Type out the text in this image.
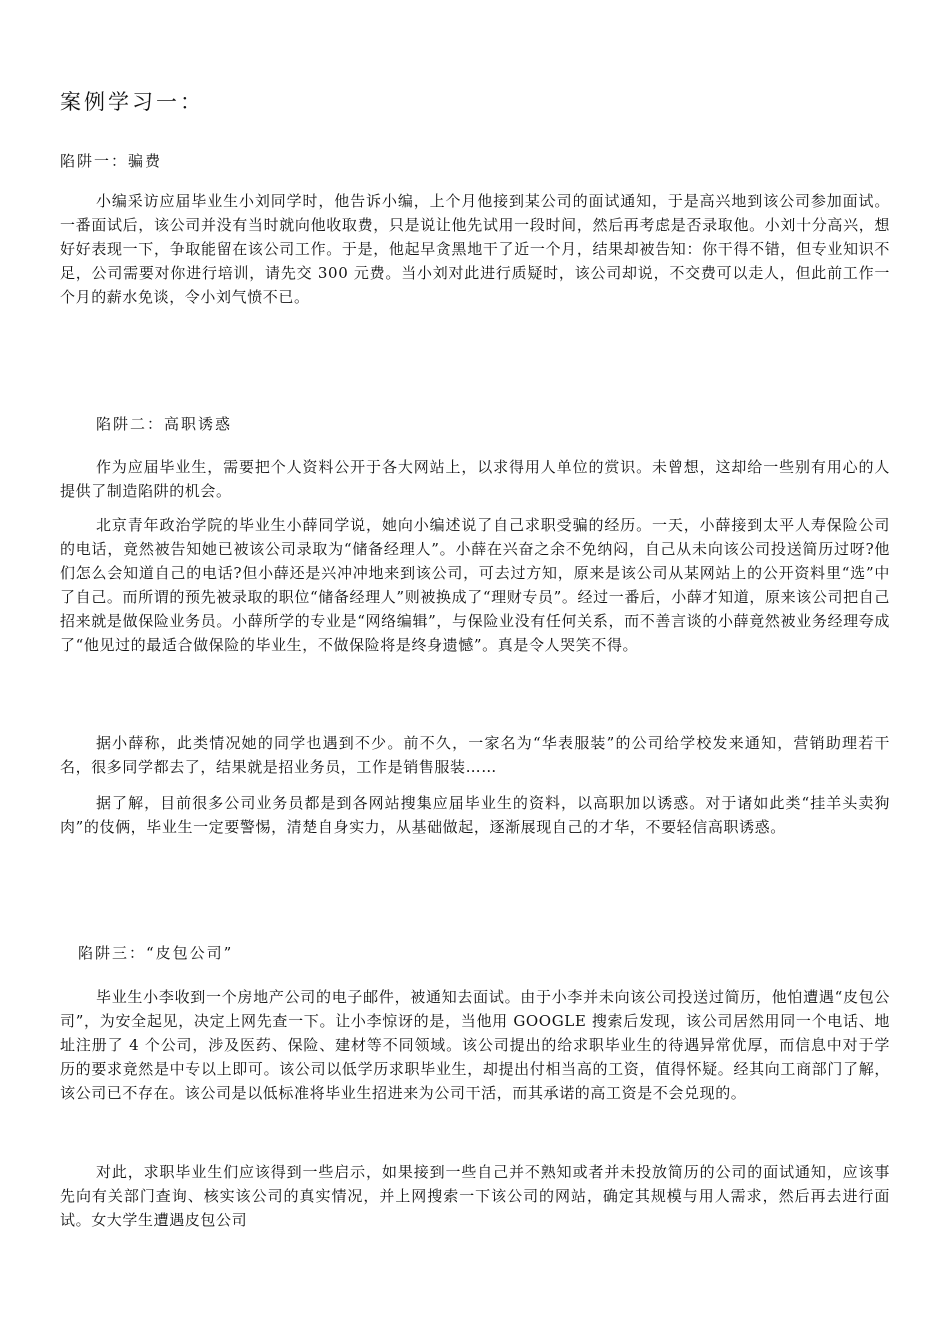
案例学习一：
陷阱一：骗费

小编采访应届毕业生小刘同学时，他告诉小编，上个月他接到某公司的面试通知，于是高兴地到该公司参加面试。一番面试后，该公司并没有当时就向他收取费，只是说让他先试用一段时间，然后再考虑是否录取他。小刘十分高兴，想好好表现一下，争取能留在该公司工作。于是，他起早贪黑地干了近一个月，结果却被告知：你干得不错，但专业知识不足，公司需要对你进行培训，请先交 300 元费。当小刘对此进行质疑时，该公司却说，不交费可以走人，但此前工作一个月的薪水免谈，令小刘气愤不已。

陷阱二：高职诱惑

作为应届毕业生，需要把个人资料公开于各大网站上，以求得用人单位的赏识。未曾想，这却给一些别有用心的人提供了制造陷阱的机会。

北京青年政治学院的毕业生小薛同学说，她向小编述说了自己求职受骗的经历。一天，小薛接到太平人寿保险公司的电话，竟然被告知她已被该公司录取为“储备经理人”。小薛在兴奋之余不免纳闷，自己从未向该公司投送简历过呀?他们怎么会知道自己的电话?但小薛还是兴冲冲地来到该公司，可去过方知，原来是该公司从某网站上的公开资料里“选”中了自己。而所谓的预先被录取的职位“储备经理人”则被换成了“理财专员”。经过一番后，小薛才知道，原来该公司把自己招来就是做保险业务员。小薛所学的专业是“网络编辑”，与保险业没有任何关系，而不善言谈的小薛竟然被业务经理夸成了“他见过的最适合做保险的毕业生，不做保险将是终身遗憾”。真是令人哭笑不得。

据小薛称，此类情况她的同学也遇到不少。前不久，一家名为“华表服装”的公司给学校发来通知，营销助理若干名，很多同学都去了，结果就是招业务员，工作是销售服装……

据了解，目前很多公司业务员都是到各网站搜集应届毕业生的资料，以高职加以诱惑。对于诸如此类“挂羊头卖狗肉”的伎俩，毕业生一定要警惕，清楚自身实力，从基础做起，逐渐展现自己的才华，不要轻信高职诱惑。

陷阱三：“皮包公司”

毕业生小李收到一个房地产公司的电子邮件，被通知去面试。由于小李并未向该公司投送过简历，他怕遭遇“皮包公司”，为安全起见，决定上网先查一下。让小李惊讶的是，当他用 GOOGLE 搜索后发现，该公司居然用同一个电话、地址注册了 4 个公司，涉及医药、保险、建材等不同领域。该公司提出的给求职毕业生的待遇异常优厚，而信息中对于学历的要求竟然是中专以上即可。该公司以低学历求职毕业生，却提出付相当高的工资，值得怀疑。经其向工商部门了解，该公司已不存在。该公司是以低标准将毕业生招进来为公司干活，而其承诺的高工资是不会兑现的。

对此，求职毕业生们应该得到一些启示，如果接到一些自己并不熟知或者并未投放简历的公司的面试通知，应该事先向有关部门查询、核实该公司的真实情况，并上网搜索一下该公司的网站，确定其规模与用人需求，然后再去进行面试。女大学生遭遇皮包公司
